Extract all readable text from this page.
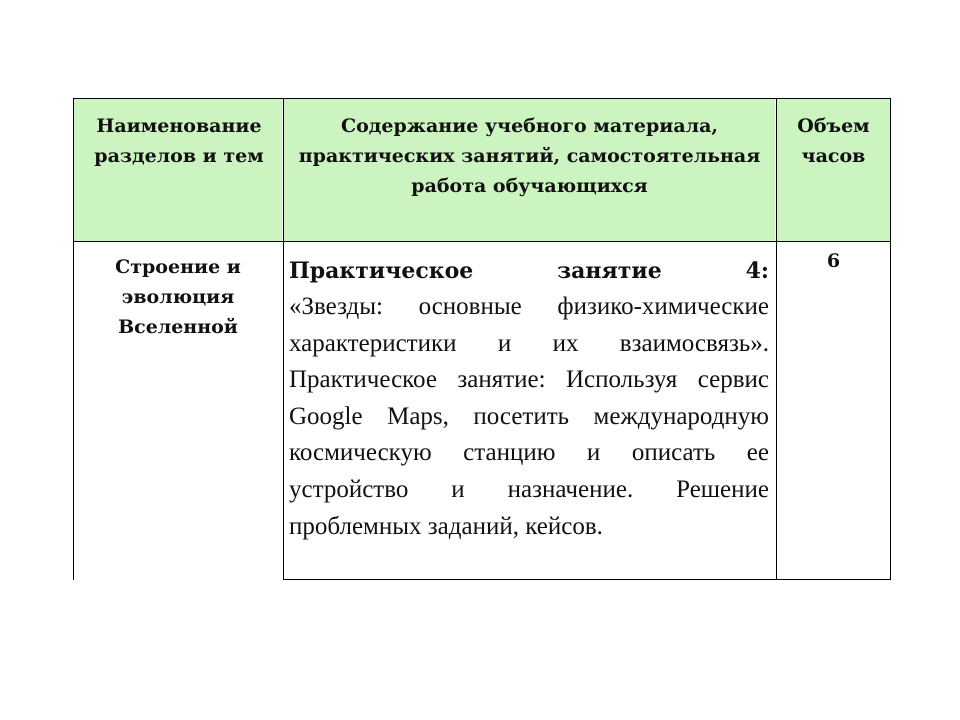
Наименование разделов и тем
Содержание учебного материала, практических занятий, самостоятельная работа обучающихся
Объем часов
Строение и эволюция Вселенной
Практическое занятие 4:
«Звезды: основные физико-химические характеристики и их взаимосвязь». Практическое занятие: Используя сервис Google Maps, посетить международную космическую станцию и описать ее устройство и назначение. Решение проблемных заданий, кейсов.
6
